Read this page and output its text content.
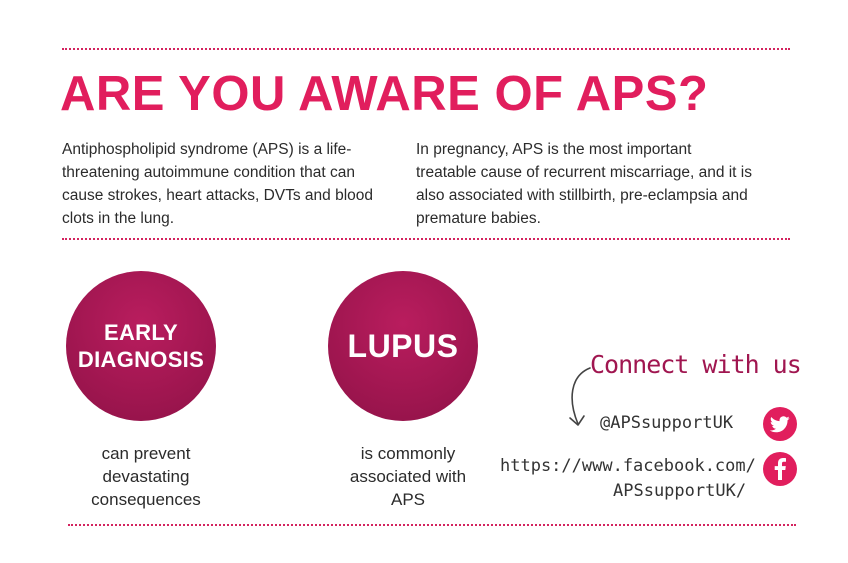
ARE YOU AWARE OF APS?

Antiphospholipid syndrome (APS) is a life-threatening autoimmune condition that can cause strokes, heart attacks, DVTs and blood clots in the lung.

In pregnancy, APS is the most important treatable cause of recurrent miscarriage, and it is also associated with stillbirth, pre-eclampsia and premature babies.

EARLY
DIAGNOSIS
can prevent
devastating
consequences
LUPUS
is commonly
associated with
APS
Connect with us
@APSsupportUK
https://www.facebook.com/
APSsupportUK/
